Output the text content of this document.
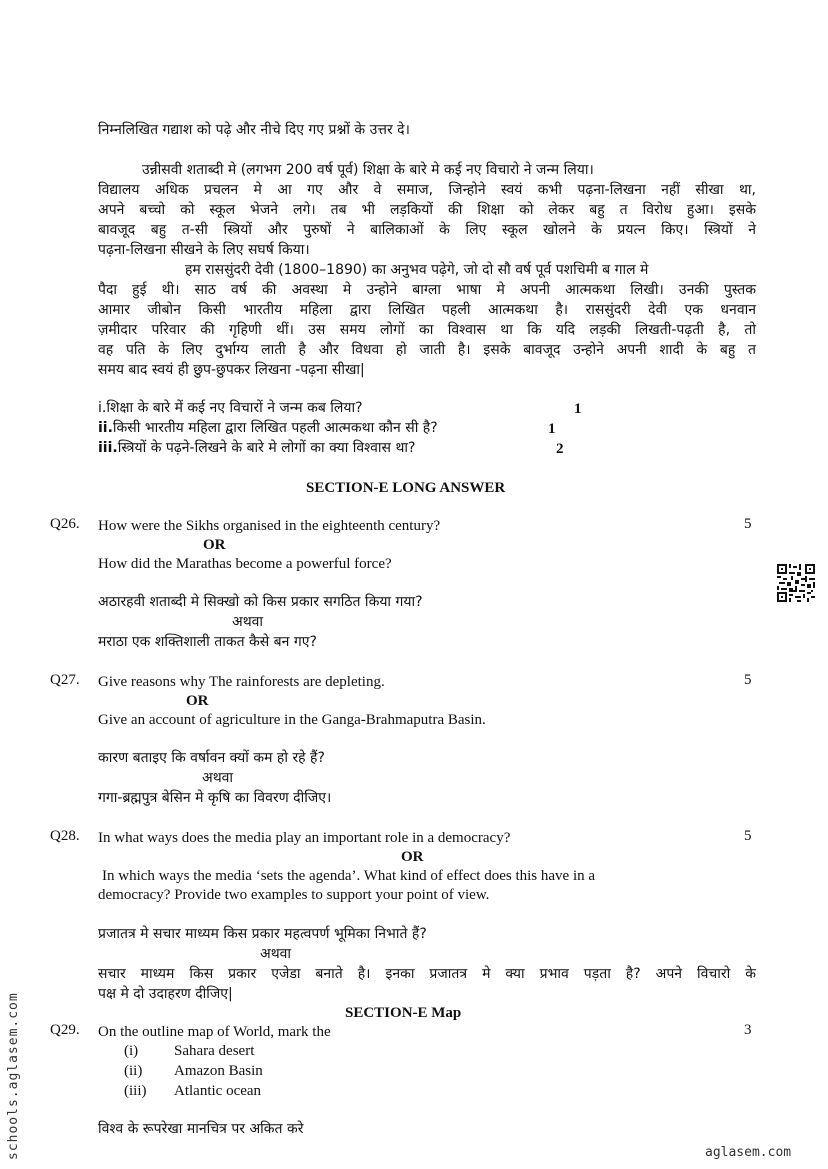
निम्नलिखित गद्याश को पढ़े और नीचे दिए गए प्रश्नों के उत्तर दे।
उन्नीसवी शताब्दी मे (लगभग 200 वर्ष पूर्व) शिक्षा के बारे मे कई नए विचारो ने जन्म लिया।
विद्यालय अधिक प्रचलन मे आ गए और वे समाज, जिन्होने स्वयं कभी पढ़ना-लिखना नहीं सीखा था,
अपने बच्चो को स्कूल भेजने लगे। तब भी लड़कियों की शिक्षा को लेकर बहु त विरोध हुआ। इसके
बावजूद बहु त-सी स्त्रियों और पुरुषों ने बालिकाओं के लिए स्कूल खोलने के प्रयत्न किए। स्त्रियों ने
पढ़ना-लिखना सीखने के लिए सघर्ष किया।
हम राससुंदरी देवी (1800–1890) का अनुभव पढ़ेगे, जो दो सौ वर्ष पूर्व पशचिमी ब गाल मे
पैदा हुई थी। साठ वर्ष की अवस्था मे उन्होने बाग्ला भाषा मे अपनी आत्मकथा लिखी। उनकी पुस्तक
आमार जीबोन किसी भारतीय महिला द्वारा लिखित पहली आत्मकथा है। राससुंदरी देवी एक धनवान
ज़मीदार परिवार की गृहिणी थीं। उस समय लोगों का विश्वास था कि यदि लड़की लिखती-पढ़ती है, तो
वह पति के लिए दुर्भाग्य लाती है और विधवा हो जाती है। इसके बावजूद उन्होने अपनी शादी के बहु त
समय बाद स्वयं ही छुप-छुपकर लिखना -पढ़ना सीखा|
i.शिक्षा के बारे में कई नए विचारों ने जन्म कब लिया?	1
ii.किसी भारतीय महिला द्वारा लिखित पहली आत्मकथा कौन सी है?	1
iii.स्त्रियों के पढ़ने-लिखने के बारे मे लोगों का क्या विश्वास था?	2
SECTION-E LONG ANSWER
Q26. How were the Sikhs organised in the eighteenth century?	5
OR
How did the Marathas become a powerful force?
अठारहवी शताब्दी मे सिक्खो को किस प्रकार सगठित किया गया?
अथवा
मराठा एक शक्तिशाली ताकत कैसे बन गए?
Q27. Give reasons why The rainforests are depleting.	5
OR
Give an account of agriculture in the Ganga-Brahmaputra Basin.
कारण बताइए कि वर्षावन क्यों कम हो रहे हैं?
अथवा
गगा-ब्रह्मपुत्र बेसिन मे कृषि का विवरण दीजिए।
Q28. In what ways does the media play an important role in a democracy?	5
OR
In which ways the media ‘sets the agenda’. What kind of effect does this have in a
democracy? Provide two examples to support your point of view.
प्रजातत्र मे सचार माध्यम किस प्रकार महत्वपर्ण भूमिका निभाते हैं?
अथवा
सचार माध्यम किस प्रकार एजेडा बनाते है। इनका प्रजातत्र मे क्या प्रभाव पड़ता है? अपने विचारो के
पक्ष मे दो उदाहरण दीजिए|
SECTION-E Map
Q29. On the outline map of World, mark the	3
(i) Sahara desert
(ii) Amazon Basin
(iii) Atlantic ocean
विश्व के रूपरेखा मानचित्र पर अकित करे
schools.aglasem.com	aglasem.com
